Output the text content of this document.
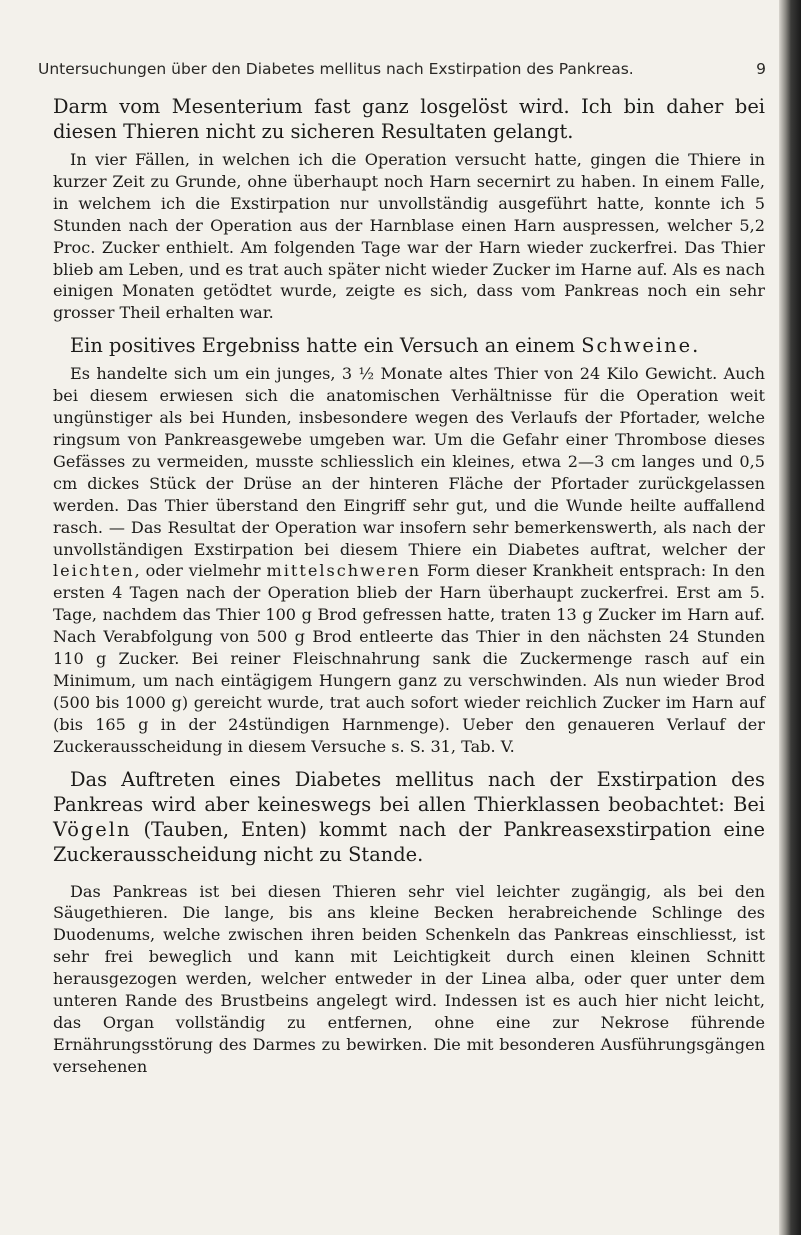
Untersuchungen über den Diabetes mellitus nach Exstirpation des Pankreas.	9

Darm vom Mesenterium fast ganz losgelöst wird. Ich bin daher bei diesen Thieren nicht zu sicheren Resultaten gelangt.

In vier Fällen, in welchen ich die Operation versucht hatte, gingen die Thiere in kurzer Zeit zu Grunde, ohne überhaupt noch Harn secernirt zu haben. In einem Falle, in welchem ich die Exstirpation nur unvollständig ausgeführt hatte, konnte ich 5 Stunden nach der Operation aus der Harnblase einen Harn auspressen, welcher 5,2 Proc. Zucker enthielt. Am folgenden Tage war der Harn wieder zuckerfrei. Das Thier blieb am Leben, und es trat auch später nicht wieder Zucker im Harne auf. Als es nach einigen Monaten getödtet wurde, zeigte es sich, dass vom Pankreas noch ein sehr grosser Theil erhalten war.

Ein positives Ergebniss hatte ein Versuch an einem Schweine.

Es handelte sich um ein junges, 3 ½ Monate altes Thier von 24 Kilo Gewicht. Auch bei diesem erwiesen sich die anatomischen Verhältnisse für die Operation weit ungünstiger als bei Hunden, insbesondere wegen des Verlaufs der Pfortader, welche ringsum von Pankreasgewebe umgeben war. Um die Gefahr einer Thrombose dieses Gefässes zu vermeiden, musste schliesslich ein kleines, etwa 2—3 cm langes und 0,5 cm dickes Stück der Drüse an der hinteren Fläche der Pfortader zurückgelassen werden. Das Thier überstand den Eingriff sehr gut, und die Wunde heilte auffallend rasch. — Das Resultat der Operation war insofern sehr bemerkenswerth, als nach der unvollständigen Exstirpation bei diesem Thiere ein Diabetes auftrat, welcher der leichten, oder vielmehr mittelschweren Form dieser Krankheit entsprach: In den ersten 4 Tagen nach der Operation blieb der Harn überhaupt zuckerfrei. Erst am 5. Tage, nachdem das Thier 100 g Brod gefressen hatte, traten 13 g Zucker im Harn auf. Nach Verabfolgung von 500 g Brod entleerte das Thier in den nächsten 24 Stunden 110 g Zucker. Bei reiner Fleischnahrung sank die Zuckermenge rasch auf ein Minimum, um nach eintägigem Hungern ganz zu verschwinden. Als nun wieder Brod (500 bis 1000 g) gereicht wurde, trat auch sofort wieder reichlich Zucker im Harn auf (bis 165 g in der 24stündigen Harnmenge). Ueber den genaueren Verlauf der Zuckerausscheidung in diesem Versuche s. S. 31, Tab. V.

Das Auftreten eines Diabetes mellitus nach der Exstirpation des Pankreas wird aber keineswegs bei allen Thierklassen beobachtet: Bei Vögeln (Tauben, Enten) kommt nach der Pankreasexstirpation eine Zuckerausscheidung nicht zu Stande.

Das Pankreas ist bei diesen Thieren sehr viel leichter zugängig, als bei den Säugethieren. Die lange, bis ans kleine Becken herabreichende Schlinge des Duodenums, welche zwischen ihren beiden Schenkeln das Pankreas einschliesst, ist sehr frei beweglich und kann mit Leichtigkeit durch einen kleinen Schnitt herausgezogen werden, welcher entweder in der Linea alba, oder quer unter dem unteren Rande des Brustbeins angelegt wird. Indessen ist es auch hier nicht leicht, das Organ vollständig zu entfernen, ohne eine zur Nekrose führende Ernährungsstörung des Darmes zu bewirken. Die mit besonderen Ausführungsgängen versehenen
